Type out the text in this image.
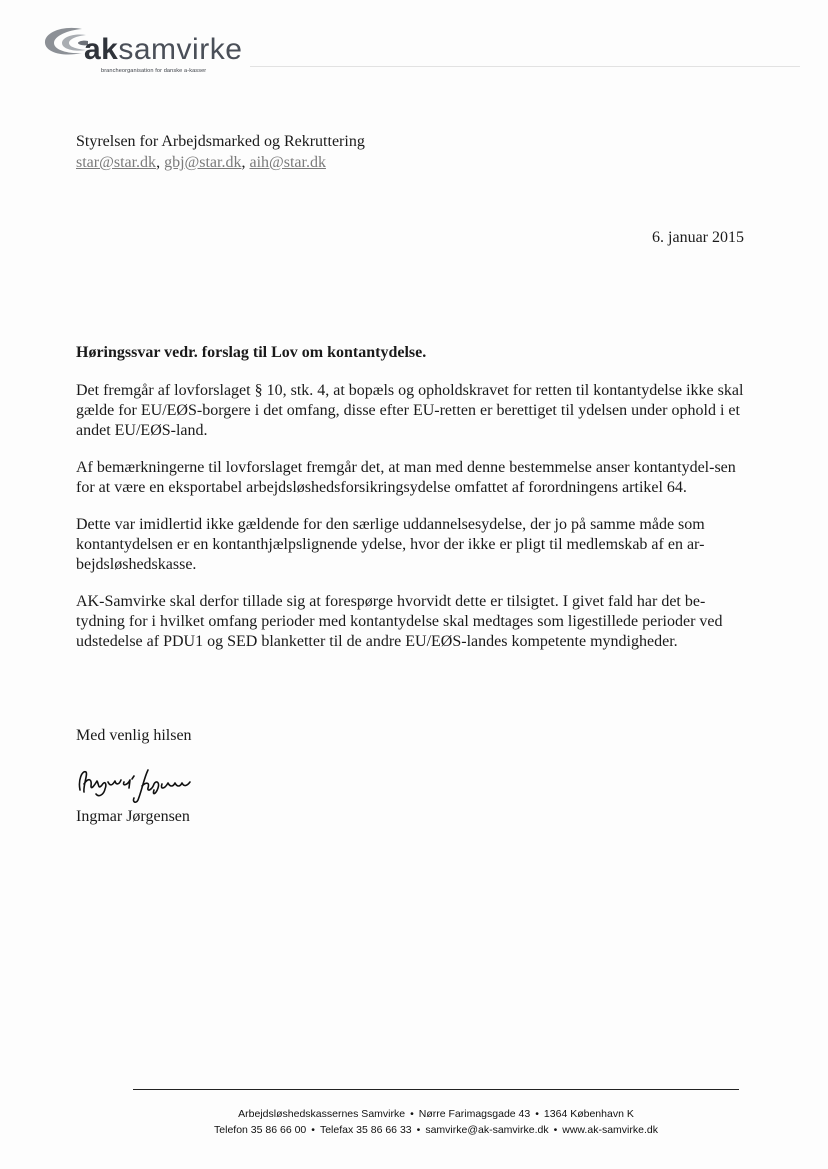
aksamvirke
brancheorganisation for danske a-kasser
Styrelsen for Arbejdsmarked og Rekruttering
star@star.dk, gbj@star.dk, aih@star.dk
6. januar 2015
Høringssvar vedr. forslag til Lov om kontantydelse.

Det fremgår af lovforslaget § 10, stk. 4, at bopæls og opholdskravet for retten til kontantydelse ikke skal gælde for EU/EØS-borgere i det omfang, disse efter EU-retten er berettiget til ydelsen under ophold i et andet EU/EØS-land.

Af bemærkningerne til lovforslaget fremgår det, at man med denne bestemmelse anser kontantydel-sen for at være en eksportabel arbejdsløshedsforsikringsydelse omfattet af forordningens artikel 64.

Dette var imidlertid ikke gældende for den særlige uddannelsesydelse, der jo på samme måde som kontantydelsen er en kontanthjælpslignende ydelse, hvor der ikke er pligt til medlemskab af en ar-bejdsløshedskasse.

AK-Samvirke skal derfor tillade sig at forespørge hvorvidt dette er tilsigtet. I givet fald har det be-tydning for i hvilket omfang perioder med kontantydelse skal medtages som ligestillede perioder ved udstedelse af PDU1 og SED blanketter til de andre EU/EØS-landes kompetente myndigheder.

Med venlig hilsen
Ingmar Jørgensen
Arbejdsløshedskassernes Samvirke • Nørre Farimagsgade 43 • 1364 København K
Telefon 35 86 66 00 • Telefax 35 86 66 33 • samvirke@ak-samvirke.dk • www.ak-samvirke.dk
